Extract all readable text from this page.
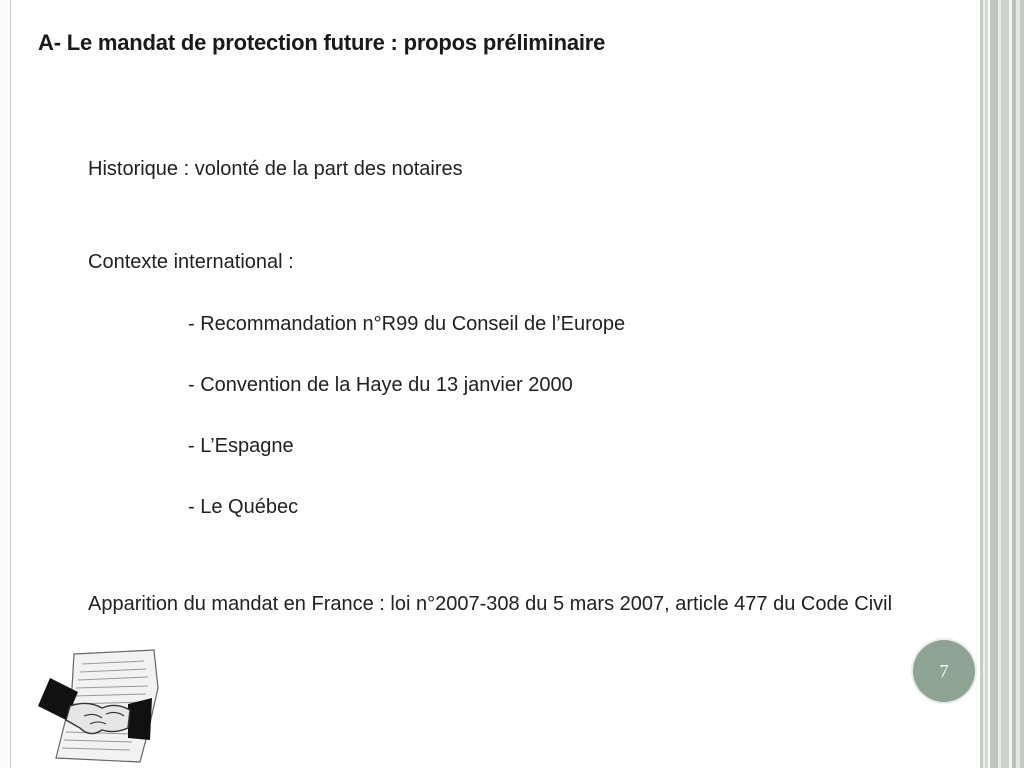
A- Le mandat de protection future : propos préliminaire

Historique : volonté de la part des notaires

Contexte international :

- Recommandation n°R99 du Conseil de l’Europe

- Convention de la Haye du 13 janvier 2000

- L’Espagne

- Le Québec

Apparition du mandat en France : loi n°2007-308 du 5 mars 2007, article 477 du Code Civil

7
